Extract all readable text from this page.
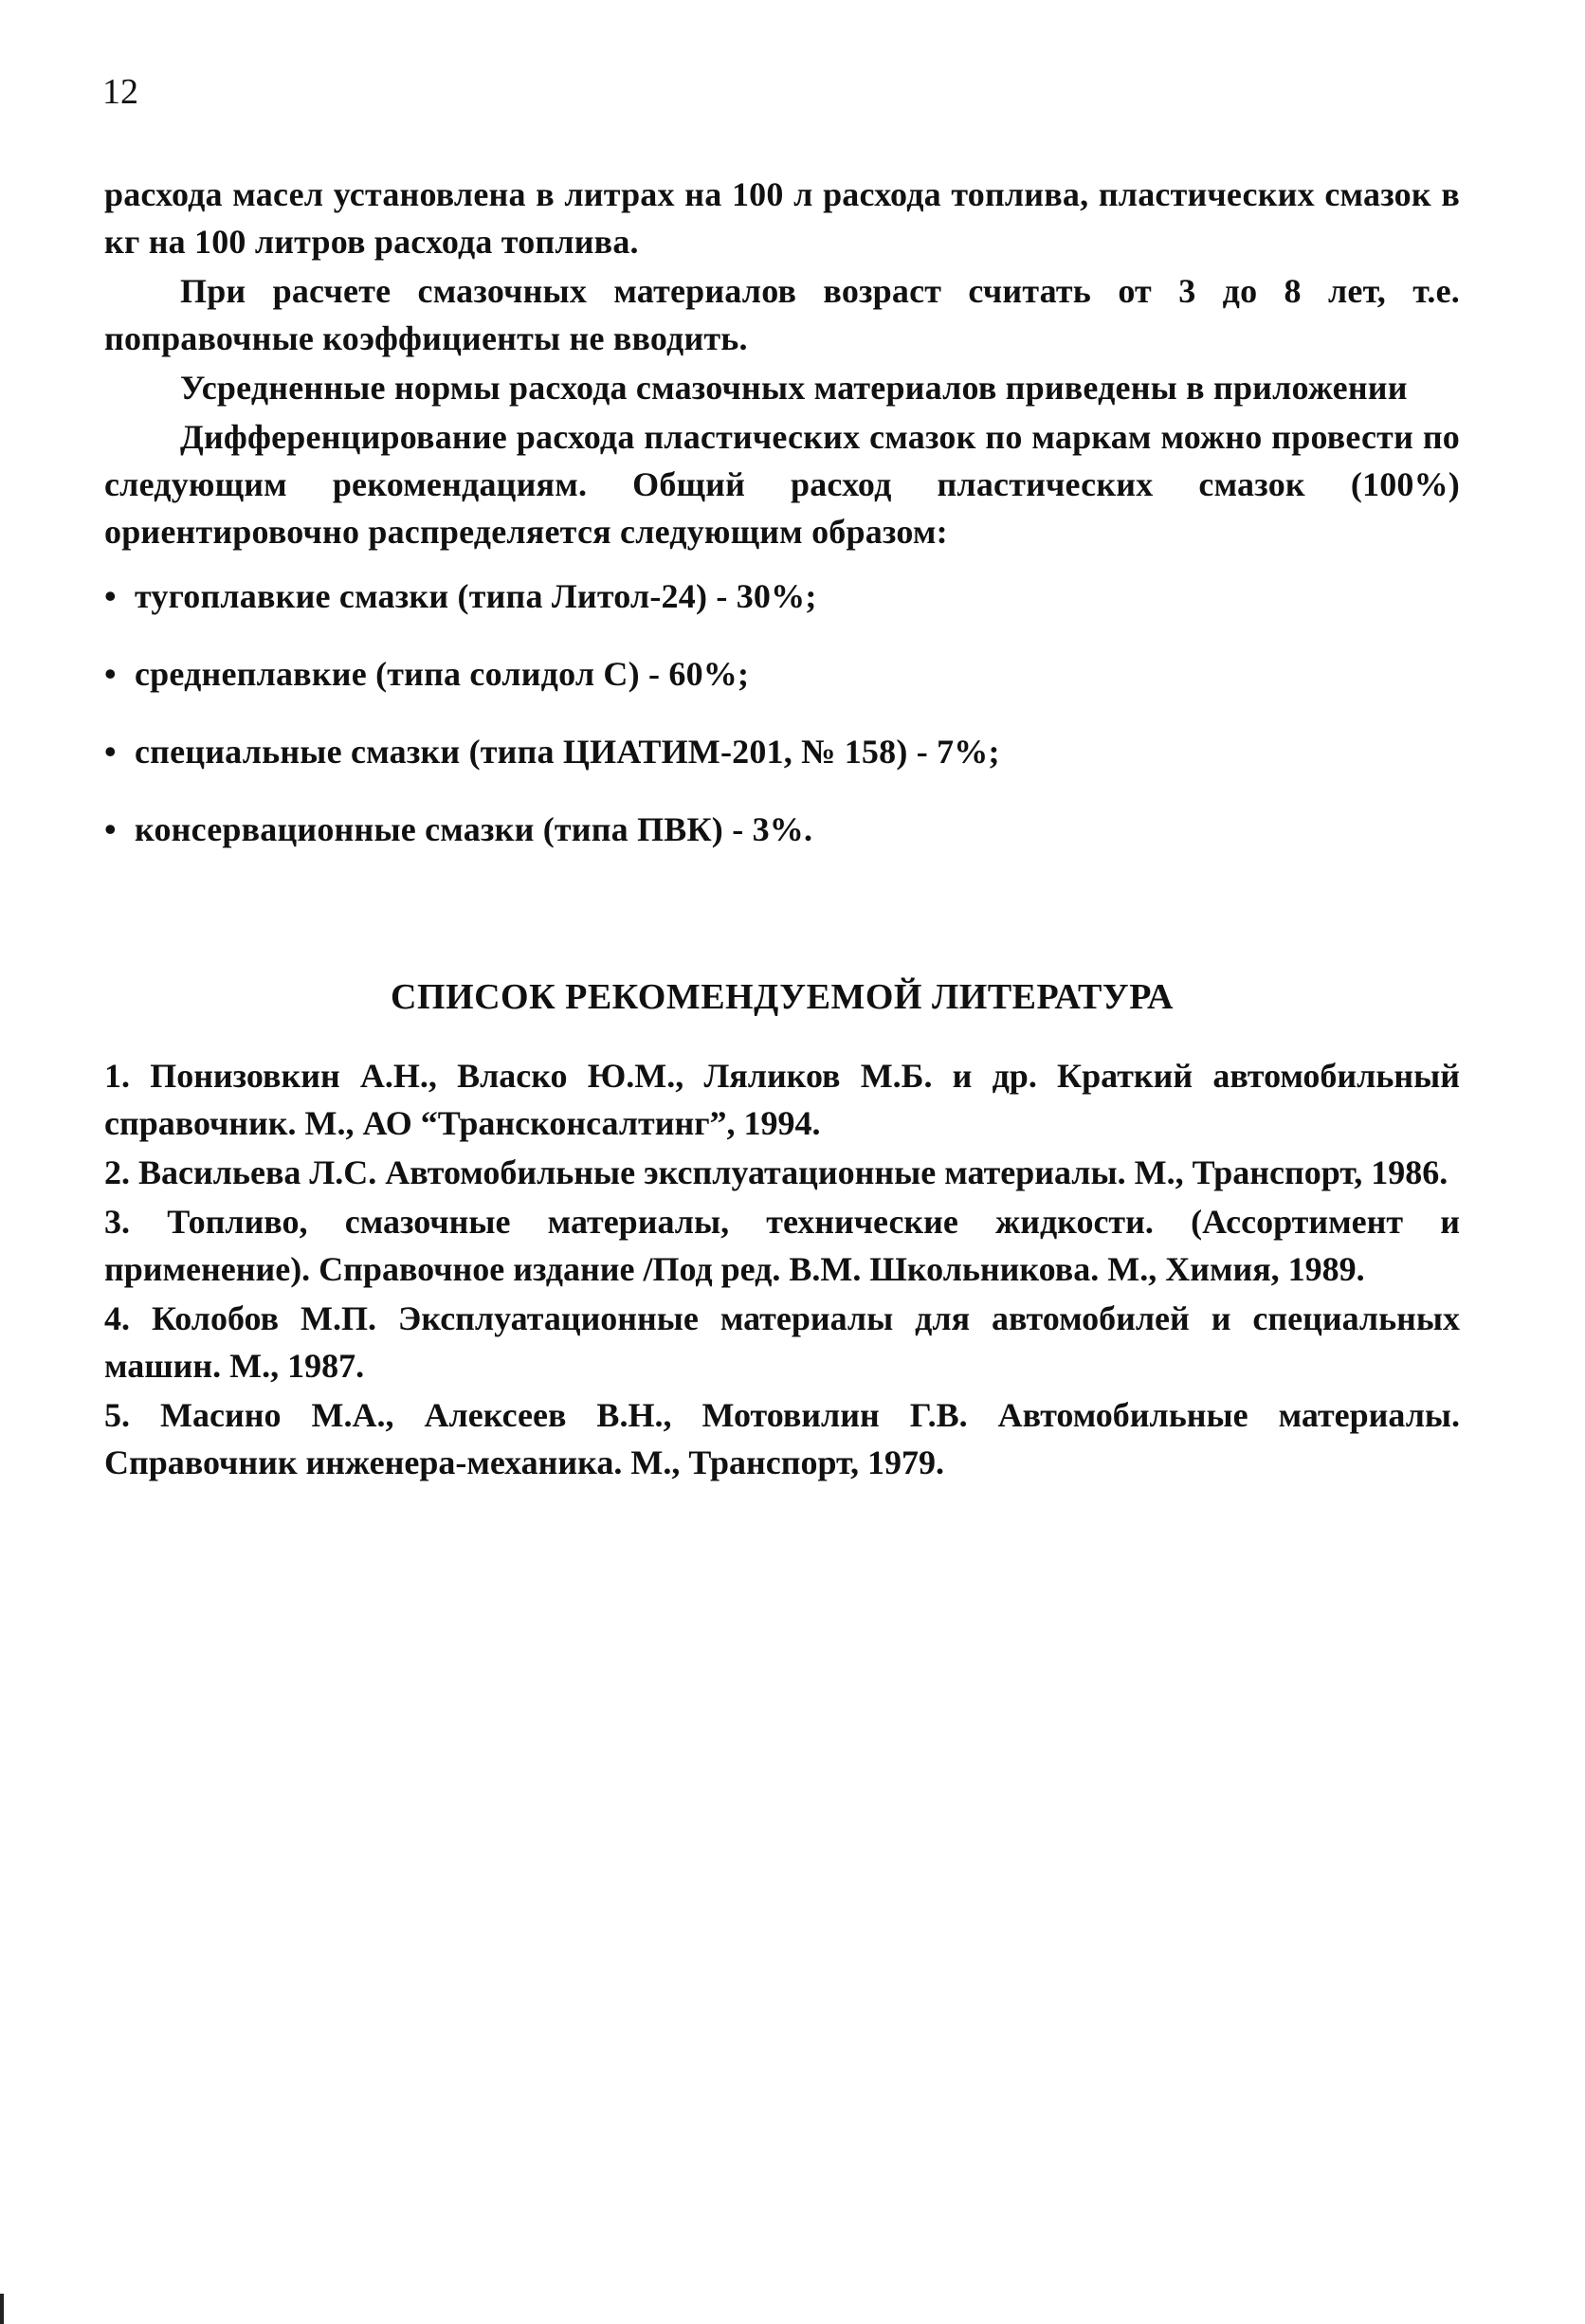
12

расхода масел установлена в литрах на 100 л расхода топлива, пластических смазок в кг на 100 литров расхода топлива.

При расчете смазочных материалов возраст считать от 3 до 8 лет, т.е. поправочные коэффициенты не вводить.

Усредненные нормы расхода смазочных материалов приведены в приложении

Дифференцирование расхода пластических смазок по маркам можно провести по следующим рекомендациям. Общий расход пластических смазок (100%) ориентировочно распределяется следующим образом:

• тугоплавкие смазки (типа Литол-24) - 30%;
• среднеплавкие (типа солидол С) - 60%;
• специальные смазки (типа ЦИАТИМ-201, № 158) - 7%;
• консервационные смазки (типа ПВК) - 3%.
СПИСОК РЕКОМЕНДУЕМОЙ ЛИТЕРАТУРА
1. Понизовкин А.Н., Власко Ю.М., Ляликов М.Б. и др. Краткий автомобильный справочник. М., АО “Трансконсалтинг”, 1994.
2. Васильева Л.С. Автомобильные эксплуатационные материалы. М., Транспорт, 1986.
3. Топливо, смазочные материалы, технические жидкости. (Ассортимент и применение). Справочное издание /Под ред. В.М. Школьникова. М., Химия, 1989.
4. Колобов М.П. Эксплуатационные материалы для автомобилей и специальных машин. М., 1987.
5. Масино М.А., Алексеев В.Н., Мотовилин Г.В. Автомобильные материалы. Справочник инженера-механика. М., Транспорт, 1979.
